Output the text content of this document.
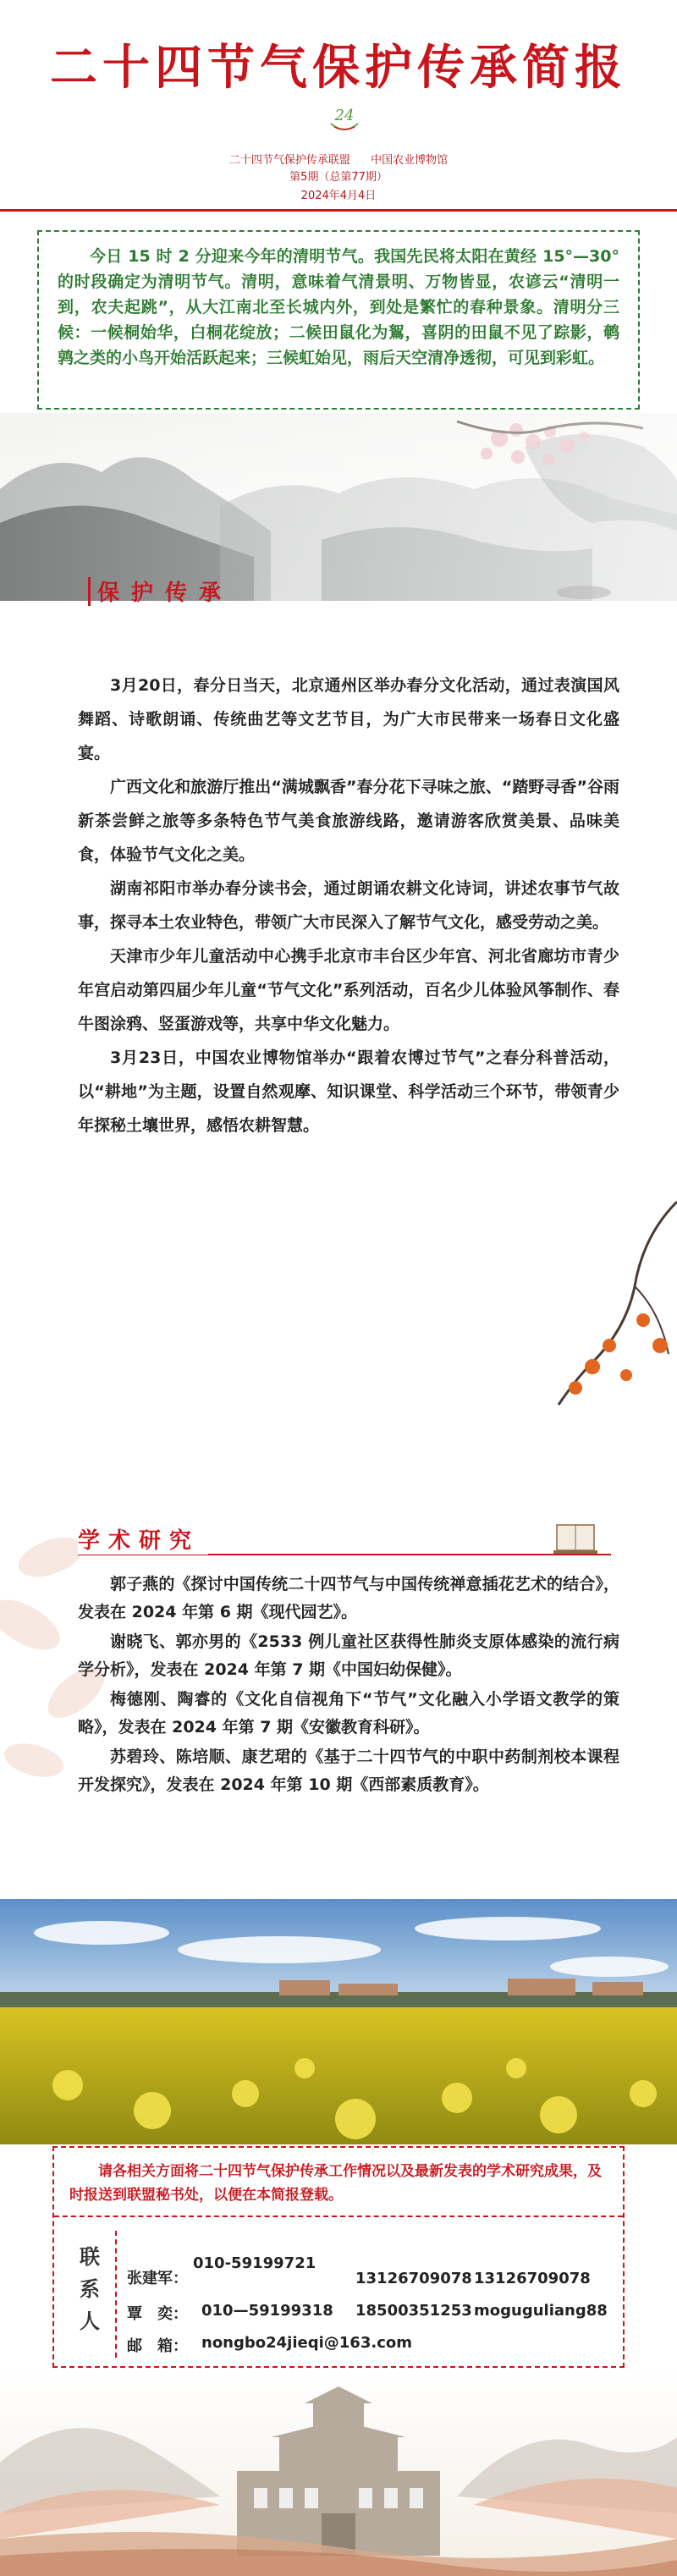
二十四节气保护传承简报
24
二十四节气保护传承联盟 中国农业博物馆
第5期（总第77期）
2024年4月4日

今日 15 时 2 分迎来今年的清明节气。我国先民将太阳在黄经 15°—30°的时段确定为清明节气。清明，意味着气清景明、万物皆显，农谚云“清明一到，农夫起跳”，从大江南北至长城内外，到处是繁忙的春种景象。清明分三候：一候桐始华，白桐花绽放；二候田鼠化为鴽，喜阴的田鼠不见了踪影，鹌鹑之类的小鸟开始活跃起来；三候虹始见，雨后天空清净透彻，可见到彩虹。

保护传承

3月20日，春分日当天，北京通州区举办春分文化活动，通过表演国风舞蹈、诗歌朗诵、传统曲艺等文艺节目，为广大市民带来一场春日文化盛宴。

广西文化和旅游厅推出“满城飘香”春分花下寻味之旅、“踏野寻香”谷雨新茶尝鲜之旅等多条特色节气美食旅游线路，邀请游客欣赏美景、品味美食，体验节气文化之美。

湖南祁阳市举办春分读书会，通过朗诵农耕文化诗词，讲述农事节气故事，探寻本土农业特色，带领广大市民深入了解节气文化，感受劳动之美。

天津市少年儿童活动中心携手北京市丰台区少年宫、河北省廊坊市青少年宫启动第四届少年儿童“节气文化”系列活动，百名少儿体验风筝制作、春牛图涂鸦、竖蛋游戏等，共享中华文化魅力。

3月23日，中国农业博物馆举办“跟着农博过节气”之春分科普活动，以“耕地”为主题，设置自然观摩、知识课堂、科学活动三个环节，带领青少年探秘土壤世界，感悟农耕智慧。

学术研究

郭子燕的《探讨中国传统二十四节气与中国传统禅意插花艺术的结合》，发表在 2024 年第 6 期《现代园艺》。

谢晓飞、郭亦男的《2533 例儿童社区获得性肺炎支原体感染的流行病学分析》，发表在 2024 年第 7 期《中国妇幼保健》。

梅德刚、陶睿的《文化自信视角下“节气”文化融入小学语文教学的策略》，发表在 2024 年第 7 期《安徽教育科研》。

苏碧玲、陈培顺、康艺珺的《基于二十四节气的中职中药制剂校本课程开发探究》，发表在 2024 年第 10 期《西部素质教育》。

请各相关方面将二十四节气保护传承工作情况以及最新发表的学术研究成果，及时报送到联盟秘书处，以便在本简报登载。

联系人
张建军：
010-59199721
13126709078 13126709078
覃　奕： 010—59199318	18500351253 moguguliang88
邮　箱： nongbo24jieqi@163.com
